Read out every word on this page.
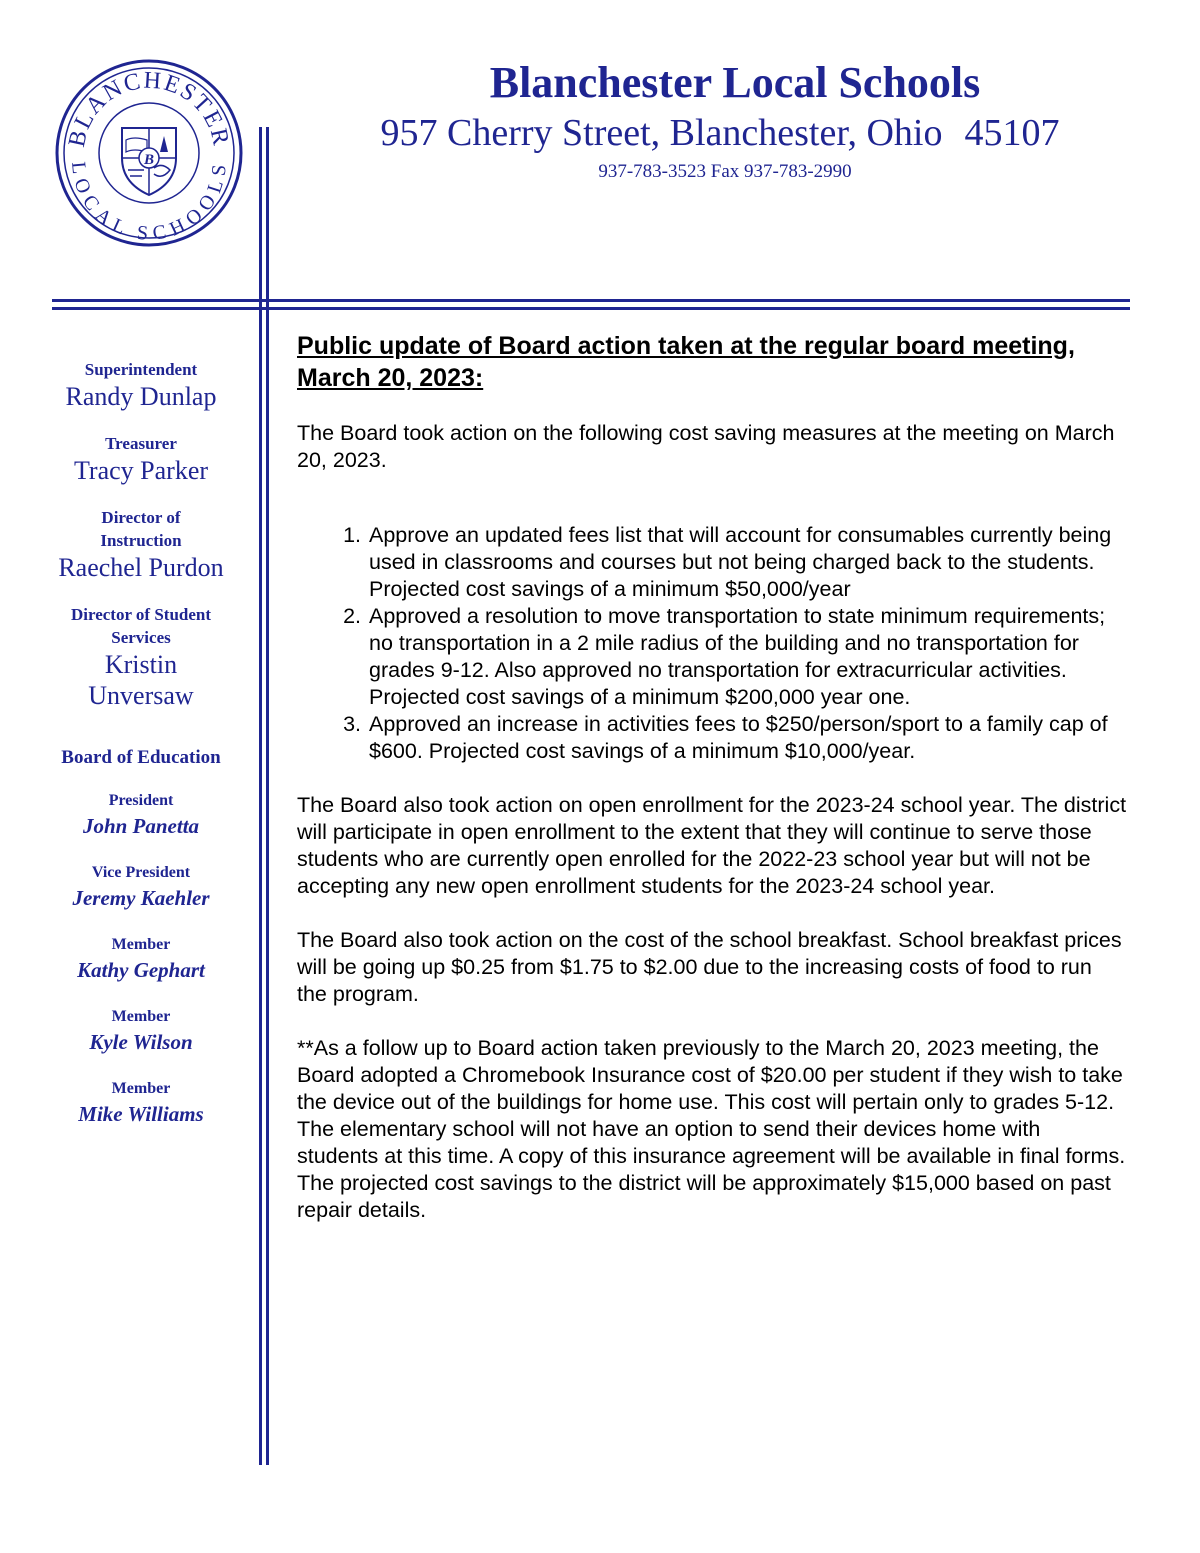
BLANCHESTER
LOCAL SCHOOLS
B
Blanchester Local Schools
957 Cherry Street, Blanchester, Ohio 45107
937-783-3523 Fax 937-783-2990
Superintendent
Randy Dunlap
Treasurer
Tracy Parker
Director of
Instruction
Raechel Purdon
Director of Student
Services
Kristin
Unversaw
Board of Education
President
John Panetta
Vice President
Jeremy Kaehler
Member
Kathy Gephart
Member
Kyle Wilson
Member
Mike Williams
Public update of Board action taken at the regular board meeting, March 20, 2023:

The Board took action on the following cost saving measures at the meeting on March 20, 2023.

1. Approve an updated fees list that will account for consumables currently being used in classrooms and courses but not being charged back to the students. Projected cost savings of a minimum $50,000/year
2. Approved a resolution to move transportation to state minimum requirements; no transportation in a 2 mile radius of the building and no transportation for grades 9-12. Also approved no transportation for extracurricular activities. Projected cost savings of a minimum $200,000 year one.
3. Approved an increase in activities fees to $250/person/sport to a family cap of $600. Projected cost savings of a minimum $10,000/year.

The Board also took action on open enrollment for the 2023-24 school year. The district will participate in open enrollment to the extent that they will continue to serve those students who are currently open enrolled for the 2022-23 school year but will not be accepting any new open enrollment students for the 2023-24 school year.

The Board also took action on the cost of the school breakfast. School breakfast prices will be going up $0.25 from $1.75 to $2.00 due to the increasing costs of food to run the program.

**As a follow up to Board action taken previously to the March 20, 2023 meeting, the Board adopted a Chromebook Insurance cost of $20.00 per student if they wish to take the device out of the buildings for home use. This cost will pertain only to grades 5-12. The elementary school will not have an option to send their devices home with students at this time. A copy of this insurance agreement will be available in final forms. The projected cost savings to the district will be approximately $15,000 based on past repair details.
